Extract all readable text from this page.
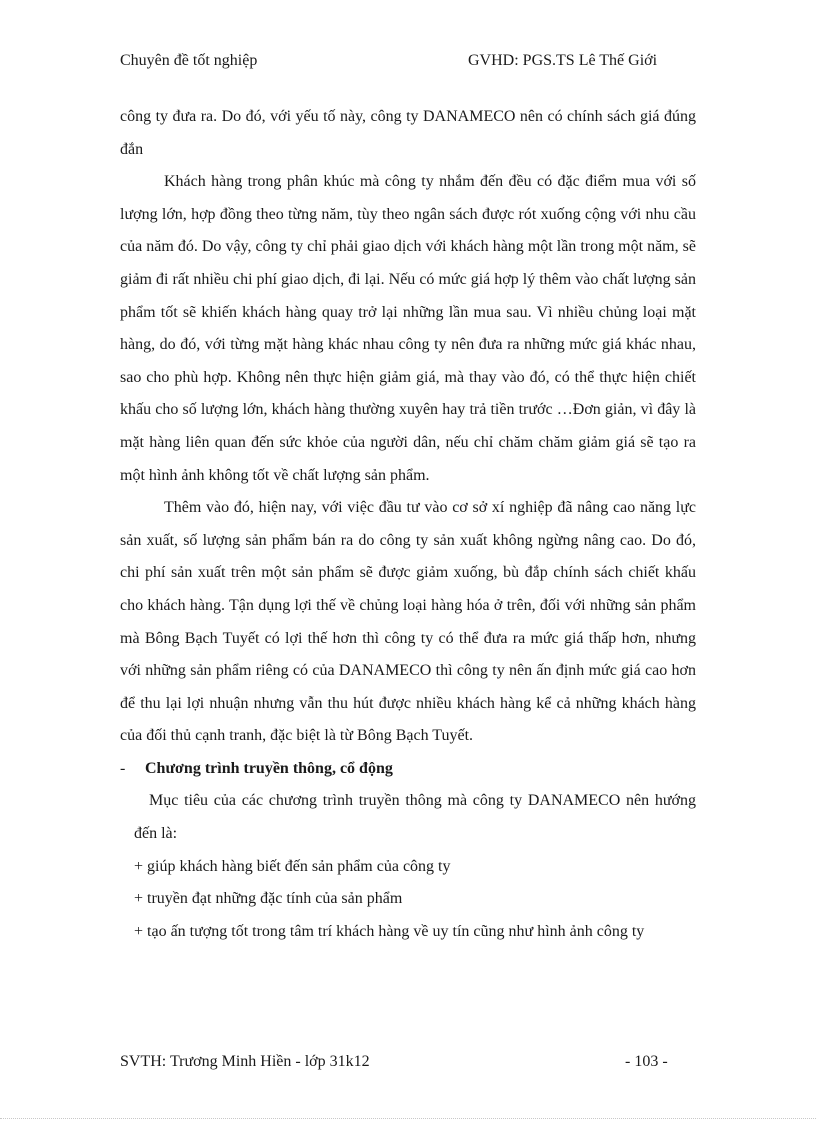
Chuyên đề tốt nghiệp	GVHD: PGS.TS Lê Thế Giới

công ty đưa ra. Do đó, với yếu tố này, công ty DANAMECO nên có chính sách giá đúng đắn

Khách hàng trong phân khúc mà công ty nhắm đến đều có đặc điểm mua với số lượng lớn, hợp đồng theo từng năm, tùy theo ngân sách được rót xuống cộng với nhu cầu của năm đó. Do vậy, công ty chỉ phải giao dịch với khách hàng một lần trong một năm, sẽ giảm đi rất nhiều chi phí giao dịch, đi lại. Nếu có mức giá hợp lý thêm vào chất lượng sản phẩm tốt sẽ khiến khách hàng quay trở lại những lần mua sau. Vì nhiều chủng loại mặt hàng, do đó, với từng mặt hàng khác nhau công ty nên đưa ra những mức giá khác nhau, sao cho phù hợp. Không nên thực hiện giảm giá, mà thay vào đó, có thể thực hiện chiết khấu cho số lượng lớn, khách hàng thường xuyên hay trả tiền trước …Đơn giản, vì đây là mặt hàng liên quan đến sức khỏe của người dân, nếu chỉ chăm chăm giảm giá sẽ tạo ra một hình ảnh không tốt về chất lượng sản phẩm.

Thêm vào đó, hiện nay, với việc đầu tư vào cơ sở xí nghiệp đã nâng cao năng lực sản xuất, số lượng sản phẩm bán ra do công ty sản xuất không ngừng nâng cao. Do đó, chi phí sản xuất trên một sản phẩm sẽ được giảm xuống, bù đắp chính sách chiết khấu cho khách hàng. Tận dụng lợi thế về chủng loại hàng hóa ở trên, đối với những sản phẩm mà Bông Bạch Tuyết có lợi thế hơn thì công ty có thể đưa ra mức giá thấp hơn, nhưng với những sản phẩm riêng có của DANAMECO thì công ty nên ấn định mức giá cao hơn để thu lại lợi nhuận nhưng vẫn thu hút được nhiều khách hàng kể cả những khách hàng của đối thủ cạnh tranh, đặc biệt là từ Bông Bạch Tuyết.

-	Chương trình truyền thông, cổ động

Mục tiêu của các chương trình truyền thông mà công ty DANAMECO nên hướng đến là:

+ giúp khách hàng biết đến sản phẩm của công ty

+ truyền đạt những đặc tính của sản phẩm

+ tạo ấn tượng tốt trong tâm trí khách hàng về uy tín cũng như hình ảnh công ty

SVTH: Trương Minh Hiền - lớp 31k12	- 103 -
